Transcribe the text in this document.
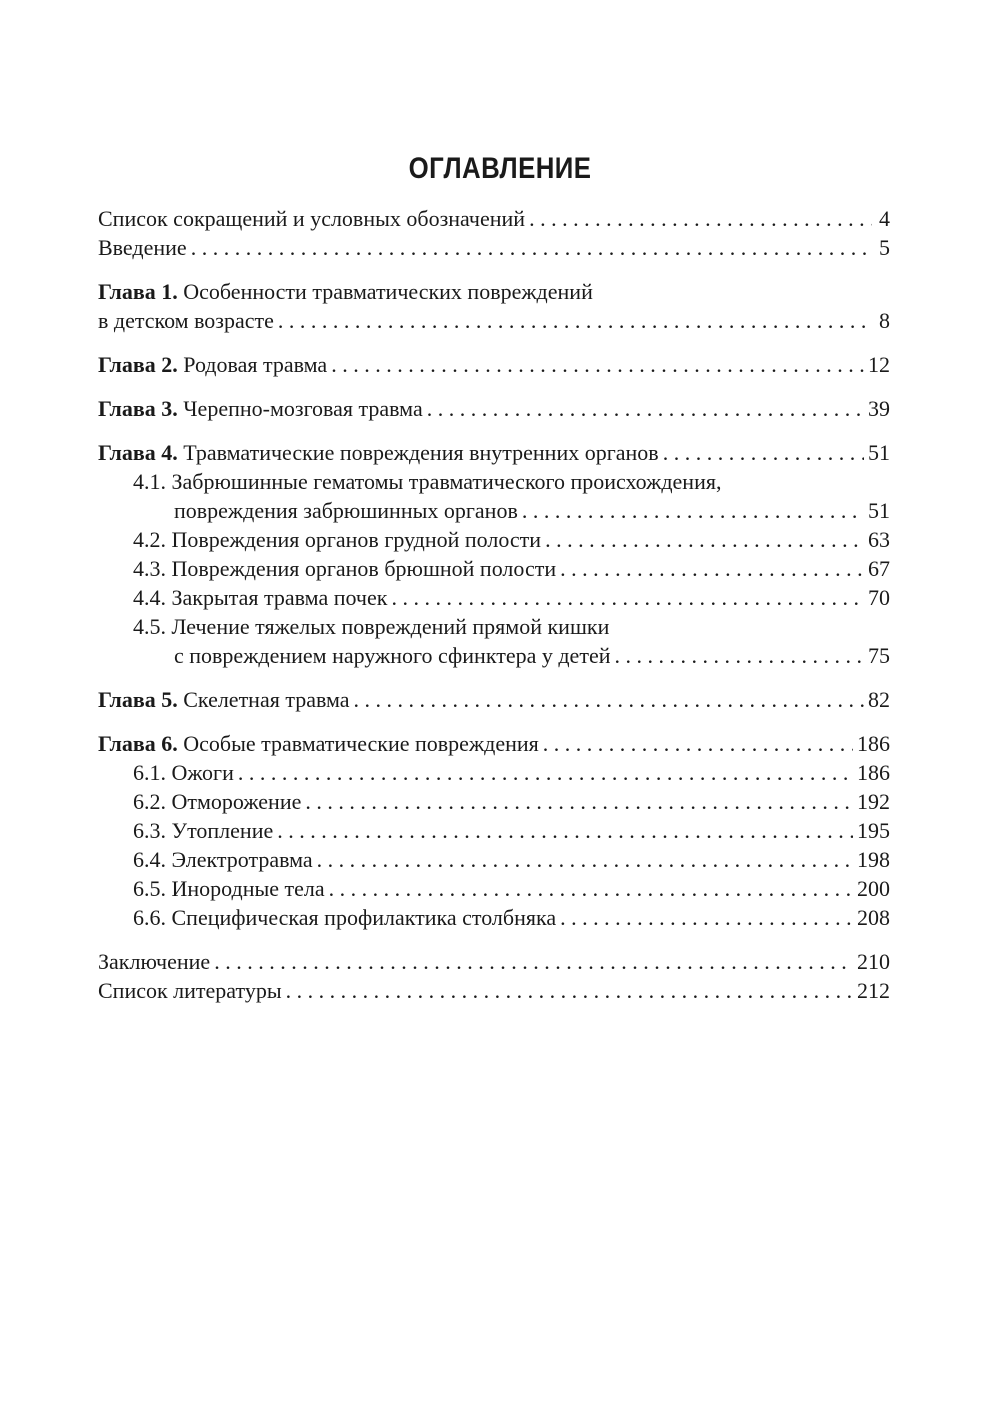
ОГЛАВЛЕНИЕ
Список сокращений и условных обозначений . . .	4
Введение . . .	5
Глава 1. Особенности травматических повреждений
в детском возрасте . . .	8
Глава 2. Родовая травма . . .	12
Глава 3. Черепно-мозговая травма . . .	39
Глава 4. Травматические повреждения внутренних органов . . .	51
4.1. Забрюшинные гематомы травматического происхождения,
повреждения забрюшинных органов . . .	51
4.2. Повреждения органов грудной полости . . .	63
4.3. Повреждения органов брюшной полости . . .	67
4.4. Закрытая травма почек . . .	70
4.5. Лечение тяжелых повреждений прямой кишки
с повреждением наружного сфинктера у детей . . .	75
Глава 5. Скелетная травма . . .	82
Глава 6. Особые травматические повреждения . . .	186
6.1. Ожоги . . .	186
6.2. Отморожение . . .	192
6.3. Утопление . . .	195
6.4. Электротравма . . .	198
6.5. Инородные тела . . .	200
6.6. Специфическая профилактика столбняка . . .	208
Заключение . . .	210
Список литературы . . .	212
